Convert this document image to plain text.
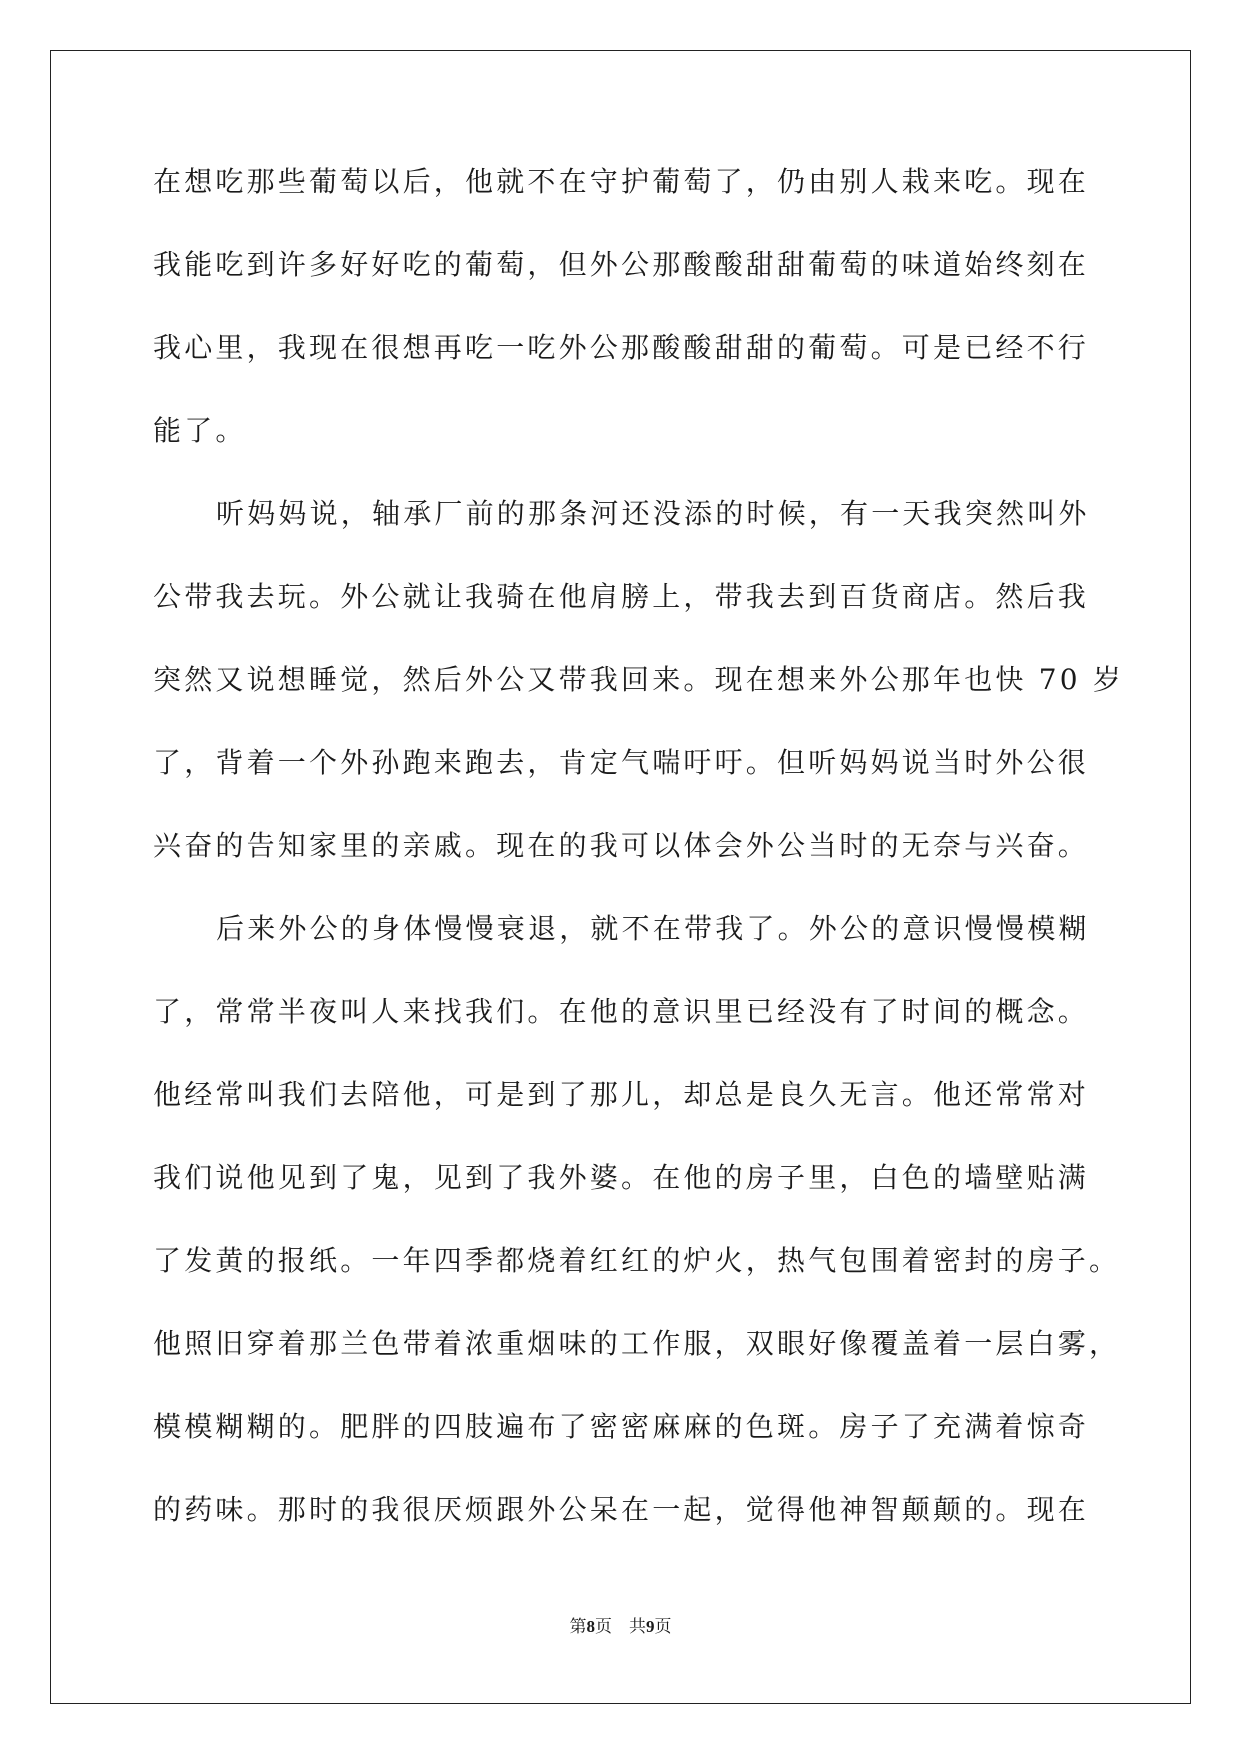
在想吃那些葡萄以后，他就不在守护葡萄了，仍由别人栽来吃。现在
我能吃到许多好好吃的葡萄，但外公那酸酸甜甜葡萄的味道始终刻在
我心里，我现在很想再吃一吃外公那酸酸甜甜的葡萄。可是已经不行
能了。
听妈妈说，轴承厂前的那条河还没添的时候，有一天我突然叫外
公带我去玩。外公就让我骑在他肩膀上，带我去到百货商店。然后我
突然又说想睡觉，然后外公又带我回来。现在想来外公那年也快 70 岁
了，背着一个外孙跑来跑去，肯定气喘吁吁。但听妈妈说当时外公很
兴奋的告知家里的亲戚。现在的我可以体会外公当时的无奈与兴奋。
后来外公的身体慢慢衰退，就不在带我了。外公的意识慢慢模糊
了，常常半夜叫人来找我们。在他的意识里已经没有了时间的概念。
他经常叫我们去陪他，可是到了那儿，却总是良久无言。他还常常对
我们说他见到了鬼，见到了我外婆。在他的房子里，白色的墙壁贴满
了发黄的报纸。一年四季都烧着红红的炉火，热气包围着密封的房子。
他照旧穿着那兰色带着浓重烟味的工作服，双眼好像覆盖着一层白雾，
模模糊糊的。肥胖的四肢遍布了密密麻麻的色斑。房子了充满着惊奇
的药味。那时的我很厌烦跟外公呆在一起，觉得他神智颠颠的。现在
第8页　共9页
